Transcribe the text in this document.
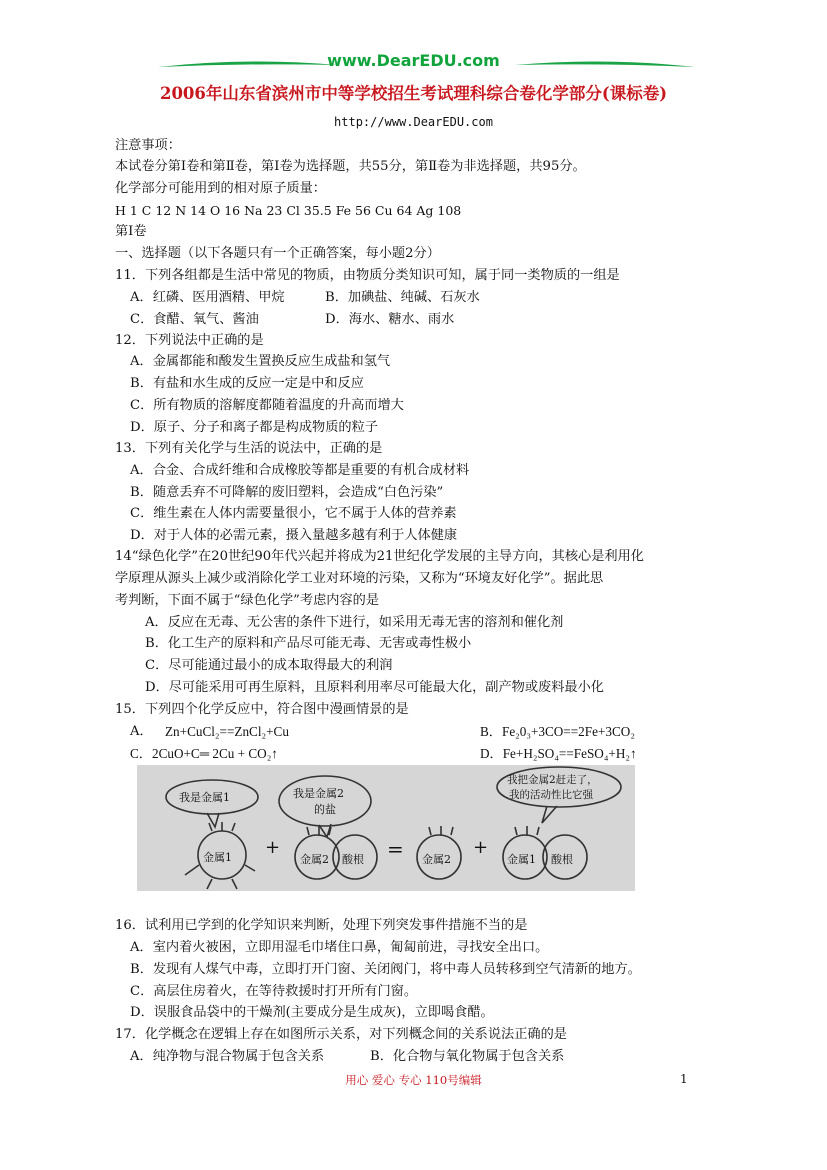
www.DearEDU.com
2006年山东省滨州市中等学校招生考试理科综合卷化学部分(课标卷)
http://www.DearEDU.com
注意事项：
本试卷分第Ⅰ卷和第Ⅱ卷，第Ⅰ卷为选择题，共55分，第Ⅱ卷为非选择题，共95分。
化学部分可能用到的相对原子质量：
H 1 C 12 N 14 O 16 Na 23 Cl 35.5 Fe 56 Cu 64 Ag 108
第Ⅰ卷
一、选择题（以下各题只有一个正确答案，每小题2分）
11．下列各组都是生活中常见的物质，由物质分类知识可知，属于同一类物质的一组是
A．红磷、医用酒精、甲烷	B．加碘盐、纯碱、石灰水
C．食醋、氧气、酱油	D．海水、糖水、雨水
12．下列说法中正确的是
A．金属都能和酸发生置换反应生成盐和氢气
B．有盐和水生成的反应一定是中和反应
C．所有物质的溶解度都随着温度的升高而增大
D．原子、分子和离子都是构成物质的粒子
13．下列有关化学与生活的说法中，正确的是
A．合金、合成纤维和合成橡胶等都是重要的有机合成材料
B．随意丢弃不可降解的废旧塑料，会造成“白色污染”
C．维生素在人体内需要量很小，它不属于人体的营养素
D．对于人体的必需元素，摄入量越多越有利于人体健康
14“绿色化学”在20世纪90年代兴起并将成为21世纪化学发展的主导方向，其核心是利用化
学原理从源头上减少或消除化学工业对环境的污染，又称为“环境友好化学”。据此思
考判断，下面不属于“绿色化学”考虑内容的是
A．反应在无毒、无公害的条件下进行，如采用无毒无害的溶剂和催化剂
B．化工生产的原料和产品尽可能无毒、无害或毒性极小
C．尽可能通过最小的成本取得最大的利润
D．尽可能采用可再生原料，且原料利用率尽可能最大化，副产物或废料最小化
15．下列四个化学反应中，符合图中漫画情景的是
A． Zn+CuCl₂==ZnCl₂+Cu	B．Fe₂0₃+3CO==2Fe+3CO₂
C．2CuO+C═ 2Cu + CO₂↑	D．Fe+H₂SO₄==FeSO₄+H₂↑
我是金属1	我是金属2
的盐
我把金属2赶走了，
我的活动性比它强
金属1 +
金属2 酸根 = 金属2
+
金属1 酸根
16．试利用已学到的化学知识来判断，处理下列突发事件措施不当的是
A．室内着火被困，立即用湿毛巾堵住口鼻，匍匐前进，寻找安全出口。
B．发现有人煤气中毒，立即打开门窗、关闭阀门，将中毒人员转移到空气清新的地方。
C．高层住房着火，在等待救援时打开所有门窗。
D．误服食品袋中的干燥剂(主要成分是生成灰)，立即喝食醋。
17．化学概念在逻辑上存在如图所示关系，对下列概念间的关系说法正确的是
A．纯净物与混合物属于包含关系	B．化合物与氧化物属于包含关系
用心 爱心 专心 110号编辑	1
